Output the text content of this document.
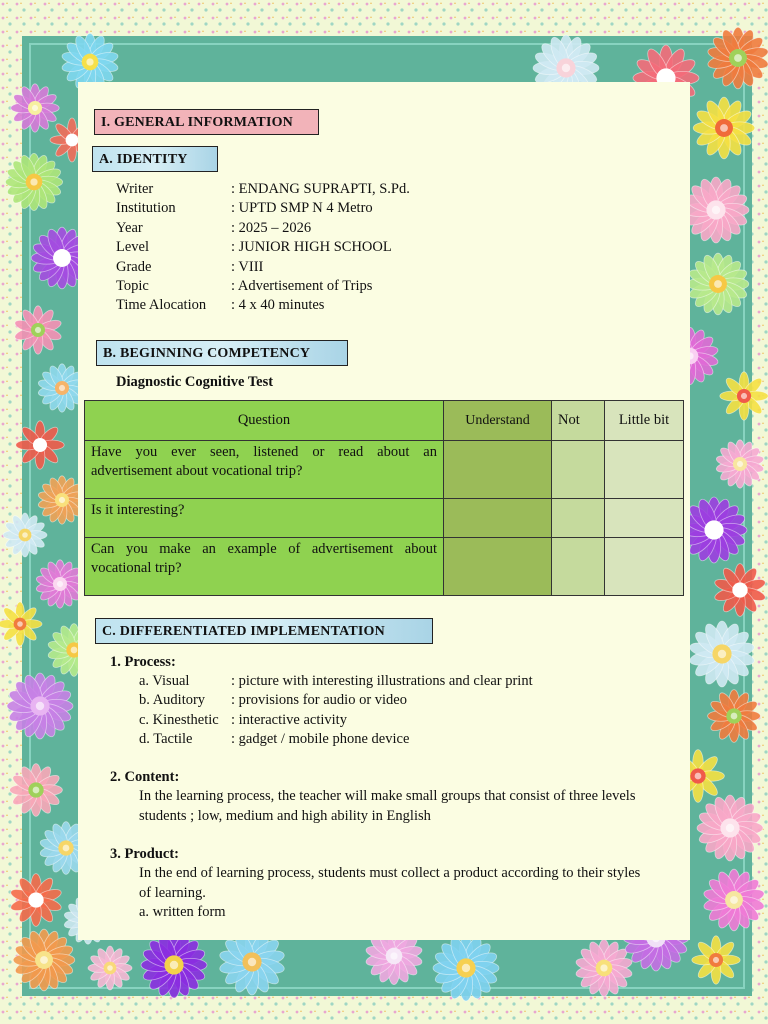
I. GENERAL INFORMATION
A. IDENTITY
Writer	: ENDANG SUPRAPTI, S.Pd.
Institution	: UPTD SMP N 4 Metro
Year	: 2025 – 2026
Level	: JUNIOR HIGH SCHOOL
Grade	: VIII
Topic	: Advertisement of Trips
Time Alocation : 4 x 40 minutes
B. BEGINNING COMPETENCY
Diagnostic Cognitive Test
Question	Understand	Not	Little bit
Have you ever seen, listened or read about an advertisement about vocational trip?			
Is it interesting?			
Can you make an example of advertisement about vocational trip?			
C. DIFFERENTIATED IMPLEMENTATION
1. Process:
a. Visual	: picture with interesting illustrations and clear print
b. Auditory : provisions for audio or video
c. Kinesthetic : interactive activity
d. Tactile	: gadget / mobile phone device
2. Content:
In the learning process, the teacher will make small groups that consist of three levels
students ; low, medium and high ability in English
3. Product:
In the end of learning process, students must collect a product according to their styles
of learning.
a. written form
